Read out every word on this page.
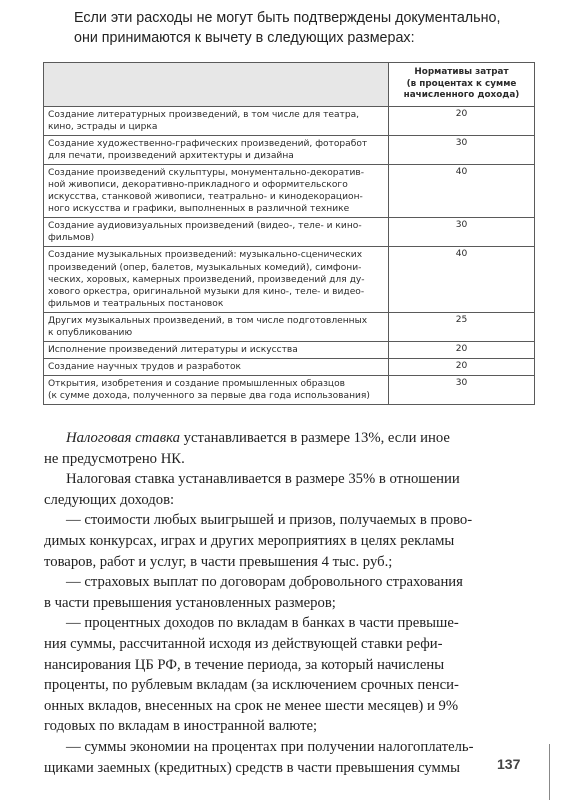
Если эти расходы не могут быть подтверждены документально,
они принимаются к вычету в следующих размерах:

	Нормативы затрат
(в процентах к сумме
начисленного дохода)

Создание литературных произведений, в том числе для театра,
кино, эстрады и цирка	20

Создание художественно-графических произведений, фоторабот
для печати, произведений архитектуры и дизайна	30

Создание произведений скульптуры, монументально-декоратив-
ной живописи, декоративно-прикладного и оформительского
искусства, станковой живописи, театрально- и кинодекорацион-
ного искусства и графики, выполненных в различной технике	40

Создание аудиовизуальных произведений (видео-, теле- и кино-
фильмов)	30

Создание музыкальных произведений: музыкально-сценических
произведений (опер, балетов, музыкальных комедий), симфони-
ческих, хоровых, камерных произведений, произведений для ду-
хового оркестра, оригинальной музыки для кино-, теле- и видео-
фильмов и театральных постановок	40

Других музыкальных произведений, в том числе подготовленных
к опубликованию	25

Исполнение произведений литературы и искусства	20

Создание научных трудов и разработок	20

Открытия, изобретения и создание промышленных образцов
(к сумме дохода, полученного за первые два года использования)	30
Налоговая ставка устанавливается в размере 13%, если иное
не предусмотрено НК.
Налоговая ставка устанавливается в размере 35% в отношении
следующих доходов:
— стоимости любых выигрышей и призов, получаемых в прово-
димых конкурсах, играх и других мероприятиях в целях рекламы
товаров, работ и услуг, в части превышения 4 тыс. руб.;
— страховых выплат по договорам добровольного страхования
в части превышения установленных размеров;
— процентных доходов по вкладам в банках в части превыше-
ния суммы, рассчитанной исходя из действующей ставки рефи-
нансирования ЦБ РФ, в течение периода, за который начислены
проценты, по рублевым вкладам (за исключением срочных пенси-
онных вкладов, внесенных на срок не менее шести месяцев) и 9%
годовых по вкладам в иностранной валюте;
— суммы экономии на процентах при получении налогоплатель-
щиками заемных (кредитных) средств в части превышения суммы	137
